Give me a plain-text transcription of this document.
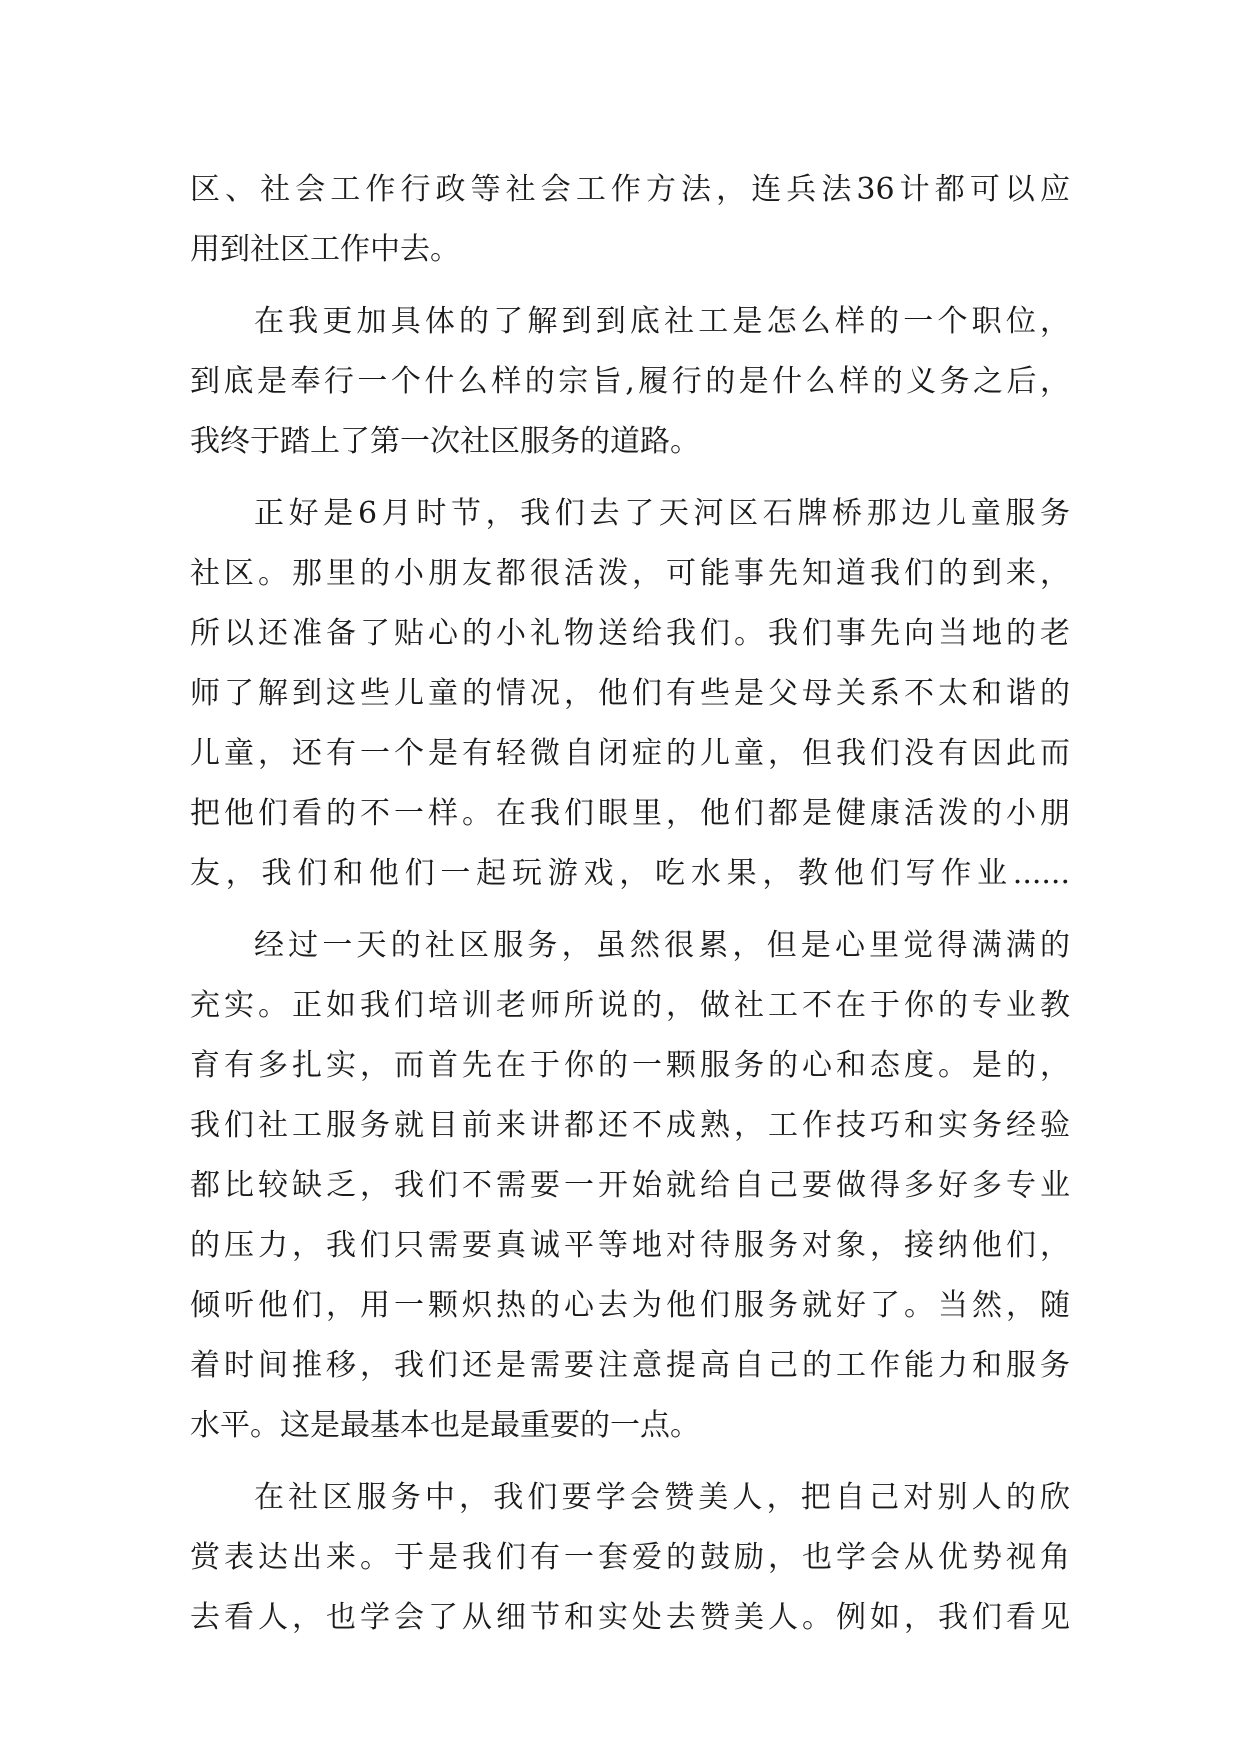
区、社会工作行政等社会工作方法，连兵法36计都可以应
用到社区工作中去。
在我更加具体的了解到到底社工是怎么样的一个职位，
到底是奉行一个什么样的宗旨,履行的是什么样的义务之后，
我终于踏上了第一次社区服务的道路。
正好是6月时节，我们去了天河区石牌桥那边儿童服务
社区。那里的小朋友都很活泼，可能事先知道我们的到来，
所以还准备了贴心的小礼物送给我们。我们事先向当地的老
师了解到这些儿童的情况，他们有些是父母关系不太和谐的
儿童，还有一个是有轻微自闭症的儿童，但我们没有因此而
把他们看的不一样。在我们眼里，他们都是健康活泼的小朋
友，我们和他们一起玩游戏，吃水果，教他们写作业......
经过一天的社区服务，虽然很累，但是心里觉得满满的
充实。正如我们培训老师所说的，做社工不在于你的专业教
育有多扎实，而首先在于你的一颗服务的心和态度。是的，
我们社工服务就目前来讲都还不成熟，工作技巧和实务经验
都比较缺乏，我们不需要一开始就给自己要做得多好多专业
的压力，我们只需要真诚平等地对待服务对象，接纳他们，
倾听他们，用一颗炽热的心去为他们服务就好了。当然，随
着时间推移，我们还是需要注意提高自己的工作能力和服务
水平。这是最基本也是最重要的一点。
在社区服务中，我们要学会赞美人，把自己对别人的欣
赏表达出来。于是我们有一套爱的鼓励，也学会从优势视角
去看人，也学会了从细节和实处去赞美人。例如，我们看见
